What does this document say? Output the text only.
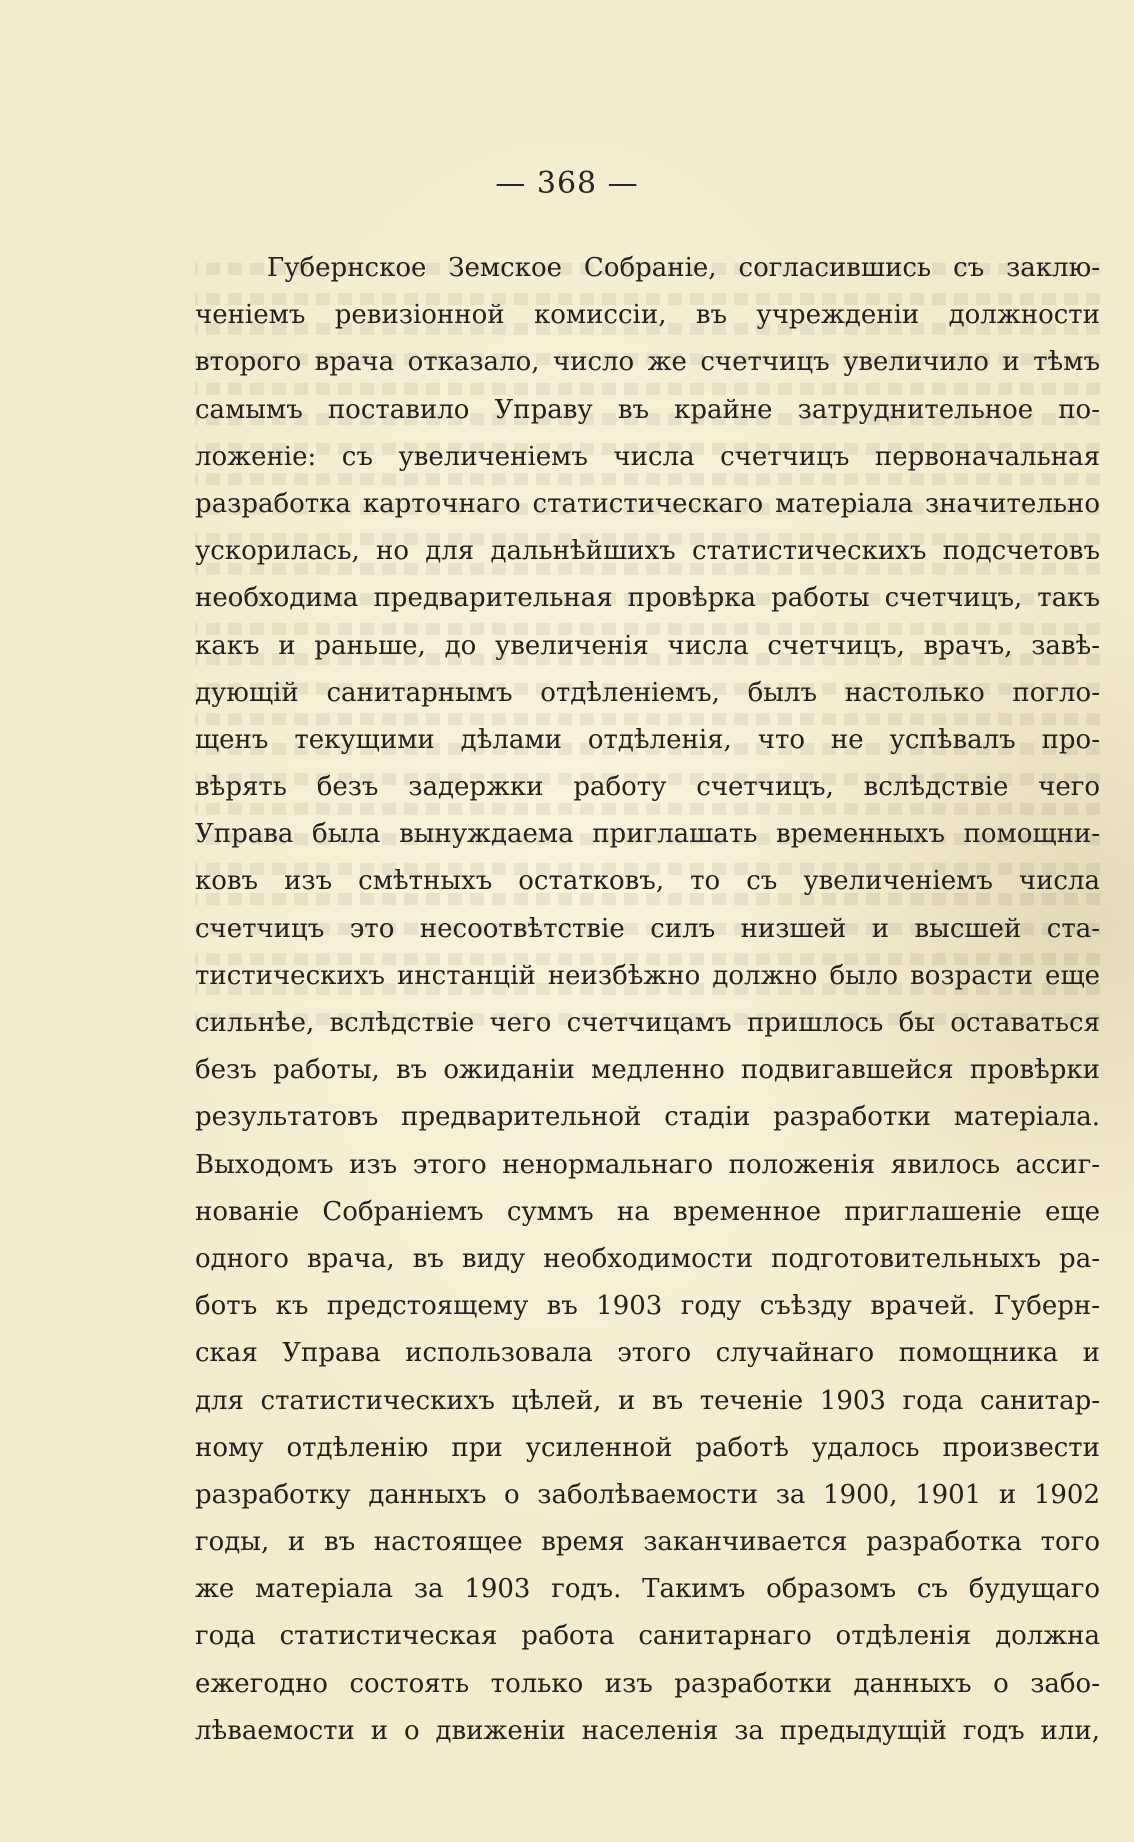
— 368 —
Губернское Земское Собраніе, согласившись съ заклю-
ченіемъ ревизіонной комиссіи, въ учрежденіи должности
второго врача отказало, число же счетчицъ увеличило и тѣмъ
самымъ поставило Управу въ крайне затруднительное по-
ложеніе: съ увеличеніемъ числа счетчицъ первоначальная
разработка карточнаго статистическаго матеріала значительно
ускорилась, но для дальнѣйшихъ статистическихъ подсчетовъ
необходима предварительная провѣрка работы счетчицъ, такъ
какъ и раньше, до увеличенія числа счетчицъ, врачъ, завѣ-
дующій санитарнымъ отдѣленіемъ, былъ настолько погло-
щенъ текущими дѣлами отдѣленія, что не успѣвалъ про-
вѣрять безъ задержки работу счетчицъ, вслѣдствіе чего
Управа была вынуждаема приглашать временныхъ помощни-
ковъ изъ смѣтныхъ остатковъ, то съ увеличеніемъ числа
счетчицъ это несоотвѣтствіе силъ низшей и высшей ста-
тистическихъ инстанцій неизбѣжно должно было возрасти еще
сильнѣе, вслѣдствіе чего счетчицамъ пришлось бы оставаться
безъ работы, въ ожиданіи медленно подвигавшейся провѣрки
результатовъ предварительной стадіи разработки матеріала.
Выходомъ изъ этого ненормальнаго положенія явилось ассиг-
нованіе Собраніемъ суммъ на временное приглашеніе еще
одного врача, въ виду необходимости подготовительныхъ ра-
ботъ къ предстоящему въ 1903 году съѣзду врачей. Губерн-
ская Управа использовала этого случайнаго помощника и
для статистическихъ цѣлей, и въ теченіе 1903 года санитар-
ному отдѣленію при усиленной работѣ удалось произвести
разработку данныхъ о заболѣваемости за 1900, 1901 и 1902
годы, и въ настоящее время заканчивается разработка того
же матеріала за 1903 годъ. Такимъ образомъ съ будущаго
года статистическая работа санитарнаго отдѣленія должна
ежегодно состоять только изъ разработки данныхъ о забо-
лѣваемости и о движеніи населенія за предыдущій годъ или,
